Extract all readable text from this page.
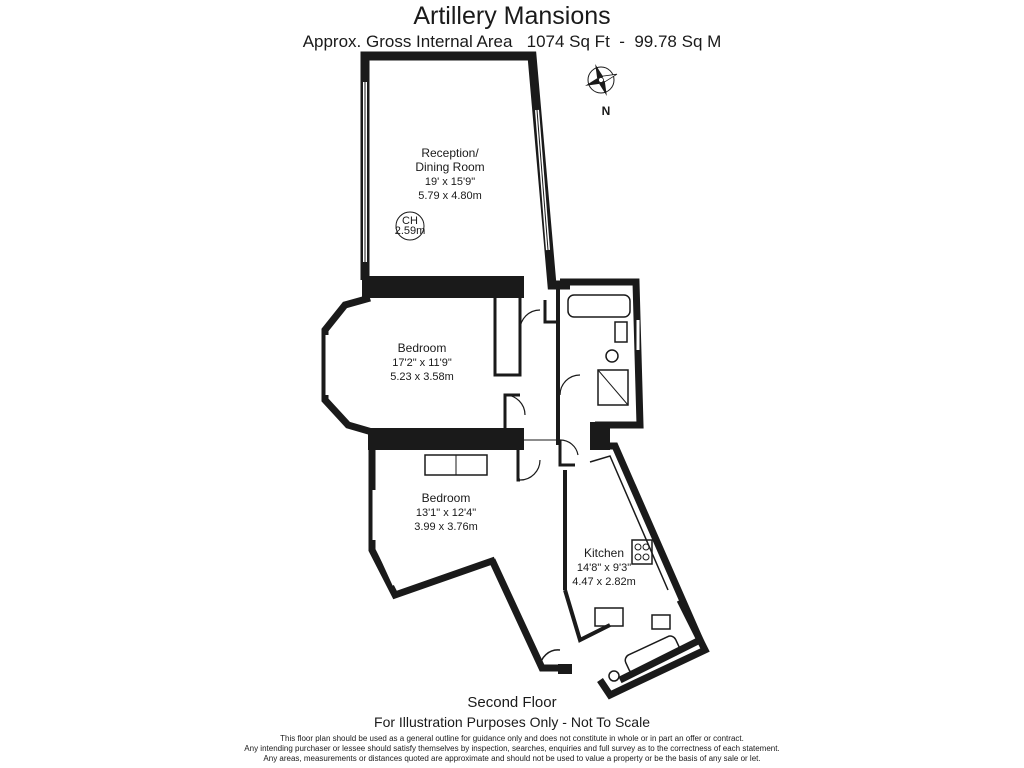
Artillery Mansions
Approx. Gross Internal Area   1074 Sq Ft  -  99.78 Sq M
CH
2.59m
Reception/
Dining Room
19' x 15'9"
5.79 x 4.80m
Bedroom
17'2" x 11'9"
5.23 x 3.58m
Bedroom
13'1" x 12'4"
3.99 x 3.76m
Kitchen
14'8" x 9'3"
4.47 x 2.82m
N
Second Floor
For Illustration Purposes Only - Not To Scale
This floor plan should be used as a general outline for guidance only and does not constitute in whole or in part an offer or contract.
Any intending purchaser or lessee should satisfy themselves by inspection, searches, enquiries and full survey as to the correctness of each statement.
Any areas, measurements or distances quoted are approximate and should not be used to value a property or be the basis of any sale or let.
